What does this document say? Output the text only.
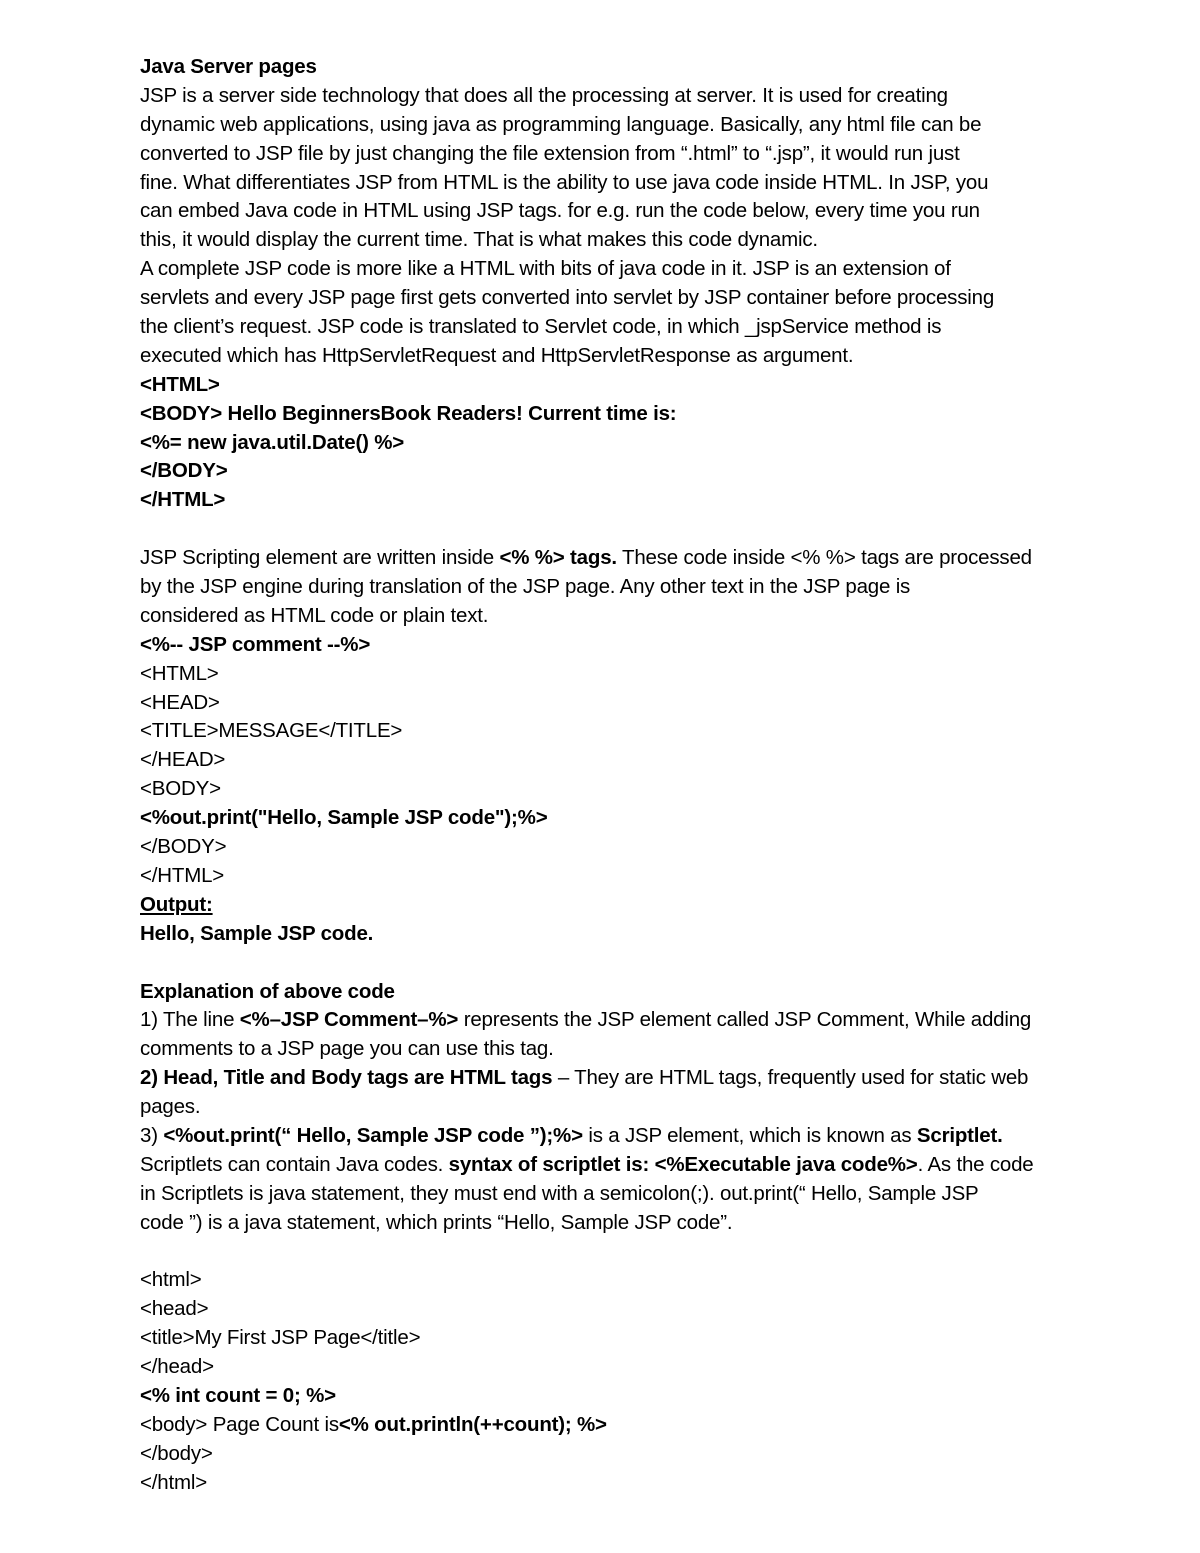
Java Server pages
JSP is a server side technology that does all the processing at server. It is used for creating
dynamic web applications, using java as programming language. Basically, any html file can be
converted to JSP file by just changing the file extension from “.html” to “.jsp”, it would run just
fine. What differentiates JSP from HTML is the ability to use java code inside HTML. In JSP, you
can embed Java code in HTML using JSP tags. for e.g. run the code below, every time you run
this, it would display the current time. That is what makes this code dynamic.
A complete JSP code is more like a HTML with bits of java code in it. JSP is an extension of
servlets and every JSP page first gets converted into servlet by JSP container before processing
the client’s request. JSP code is translated to Servlet code, in which _jspService method is
executed which has HttpServletRequest and HttpServletResponse as argument.
<HTML>
<BODY> Hello BeginnersBook Readers! Current time is:
<%= new java.util.Date() %>
</BODY>
</HTML>
JSP Scripting element are written inside <% %> tags. These code inside <% %> tags are processed
by the JSP engine during translation of the JSP page. Any other text in the JSP page is
considered as HTML code or plain text.
<%-- JSP comment --%>
<HTML>
<HEAD>
<TITLE>MESSAGE</TITLE>
</HEAD>
<BODY>
<%out.print("Hello, Sample JSP code");%>
</BODY>
</HTML>
Output:
Hello, Sample JSP code.
Explanation of above code
1) The line <%–JSP Comment–%> represents the JSP element called JSP Comment, While adding
comments to a JSP page you can use this tag.
2) Head, Title and Body tags are HTML tags – They are HTML tags, frequently used for static web
pages.
3) <%out.print(“ Hello, Sample JSP code ”);%> is a JSP element, which is known as Scriptlet.
Scriptlets can contain Java codes. syntax of scriptlet is: <%Executable java code%>. As the code
in Scriptlets is java statement, they must end with a semicolon(;). out.print(“ Hello, Sample JSP
code ”) is a java statement, which prints “Hello, Sample JSP code”.
<html>
<head>
<title>My First JSP Page</title>
</head>
<% int count = 0; %>
<body> Page Count is<% out.println(++count); %>
</body>
</html>
